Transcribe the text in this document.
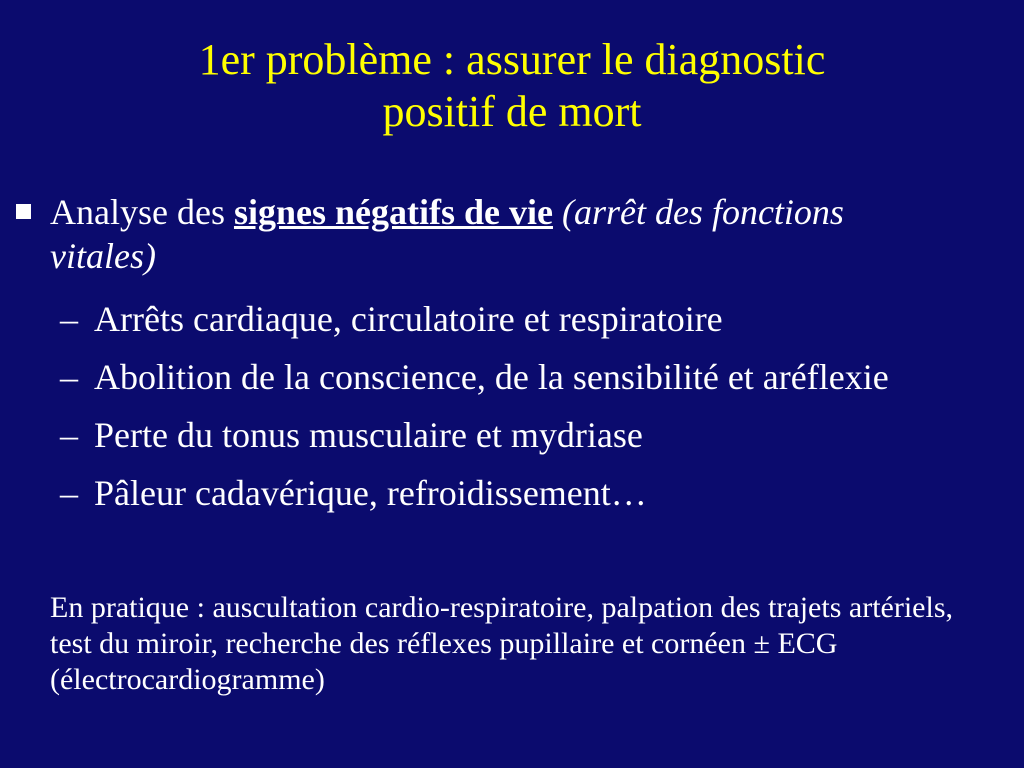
1er problème : assurer le diagnostic
positif de mort
Analyse des signes négatifs de vie (arrêt des fonctions vitales)
– Arrêts cardiaque, circulatoire et respiratoire
– Abolition de la conscience, de la sensibilité et aréflexie
– Perte du tonus musculaire et mydriase
– Pâleur cadavérique, refroidissement…
En pratique : auscultation cardio-respiratoire, palpation des trajets artériels, test du miroir, recherche des réflexes pupillaire et cornéen ± ECG (électrocardiogramme)
